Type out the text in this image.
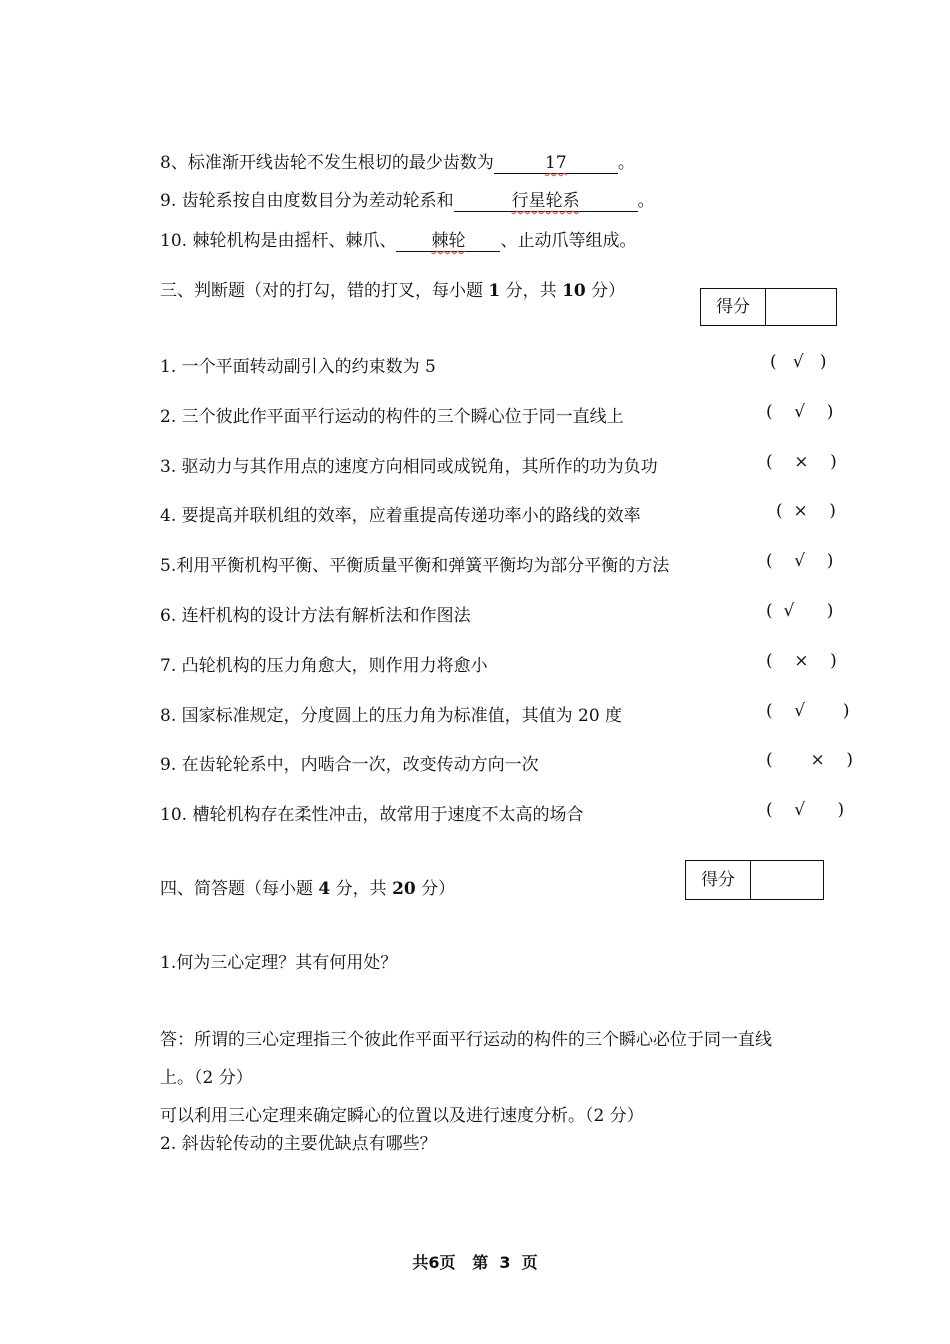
8、标准渐开线齿轮不发生根切的最少齿数为	17	。
9. 齿轮系按自由度数目分为差动轮系和	行星轮系	。
10. 棘轮机构是由摇杆、棘爪、 棘轮 、止动爪等组成。
三、判断题（对的打勾，错的打叉，每小题 1 分，共 10 分）
得分
1. 一个平面转动副引入的约束数为 5	(   √   )
2. 三个彼此作平面平行运动的构件的三个瞬心位于同一直线上	(    √    )
3. 驱动力与其作用点的速度方向相同或成锐角，其所作的功为负功	(    ×    )
4. 要提高并联机组的效率，应着重提高传递功率小的路线的效率	(  ×    )
5.利用平衡机构平衡、平衡质量平衡和弹簧平衡均为部分平衡的方法	(    √    )
6. 连杆机构的设计方法有解析法和作图法	(  √      )
7. 凸轮机构的压力角愈大，则作用力将愈小	(    ×    )
8. 国家标准规定，分度圆上的压力角为标准值，其值为 20 度	(    √       )
9. 在齿轮轮系中，内啮合一次，改变传动方向一次	(       ×    )
10. 槽轮机构存在柔性冲击，故常用于速度不太高的场合	(    √      )
四、简答题（每小题 4 分，共 20 分）	得分
1.何为三心定理？其有何用处？
答：所谓的三心定理指三个彼此作平面平行运动的构件的三个瞬心必位于同一直线
上。（2 分）
可以利用三心定理来确定瞬心的位置以及进行速度分析。（2 分）
2. 斜齿轮传动的主要优缺点有哪些？
共6页   第  3  页
